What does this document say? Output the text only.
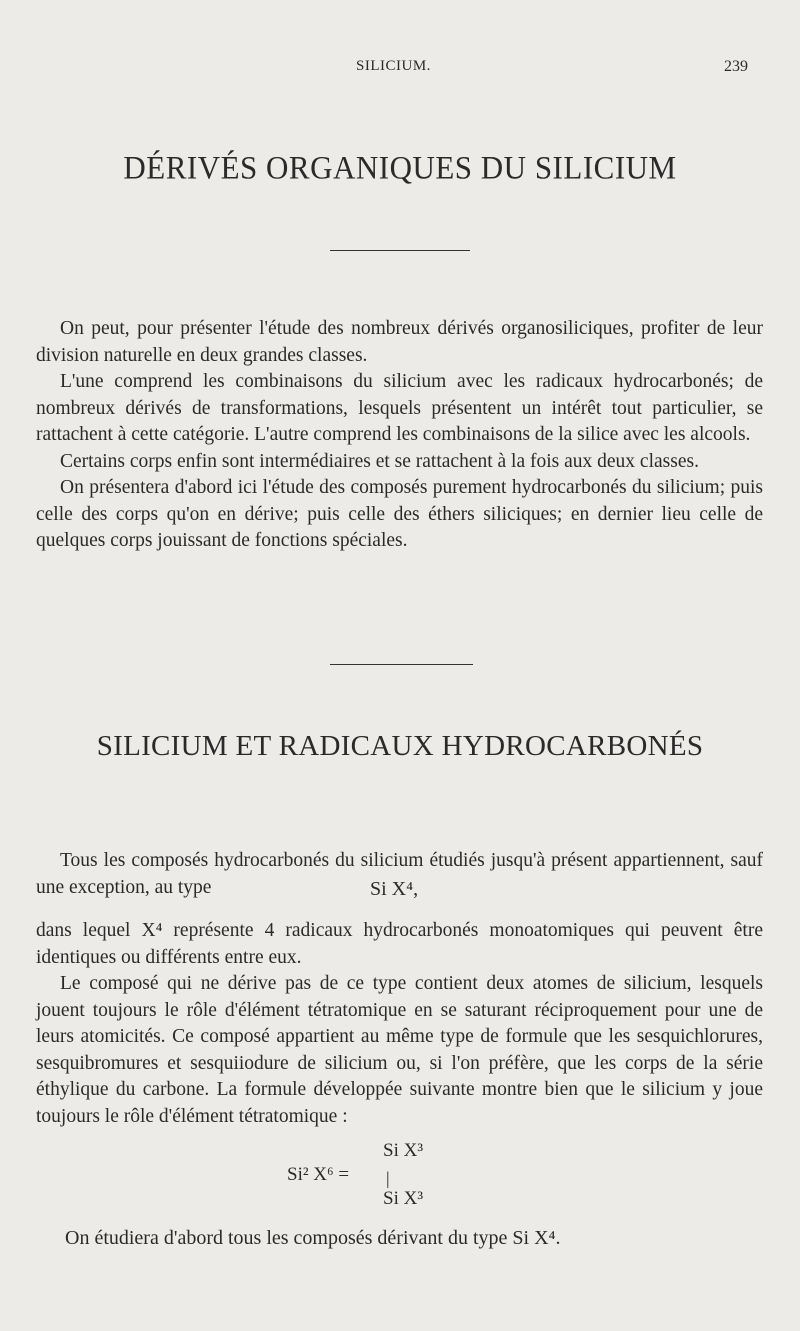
SILICIUM.	239
DÉRIVÉS ORGANIQUES DU SILICIUM
On peut, pour présenter l'étude des nombreux dérivés organosiliciques, profiter de leur division naturelle en deux grandes classes.
L'une comprend les combinaisons du silicium avec les radicaux hydrocarbonés; de nombreux dérivés de transformations, lesquels présentent un intérêt tout particulier, se rattachent à cette catégorie. L'autre comprend les combinaisons de la silice avec les alcools.
Certains corps enfin sont intermédiaires et se rattachent à la fois aux deux classes.
On présentera d'abord ici l'étude des composés purement hydrocarbonés du silicium; puis celle des corps qu'on en dérive; puis celle des éthers siliciques; en dernier lieu celle de quelques corps jouissant de fonctions spéciales.
SILICIUM ET RADICAUX HYDROCARBONÉS
Tous les composés hydrocarbonés du silicium étudiés jusqu'à présent appartiennent, sauf une exception, au type	Si X⁴,
dans lequel X⁴ représente 4 radicaux hydrocarbonés monoatomiques qui peuvent être identiques ou différents entre eux.
Le composé qui ne dérive pas de ce type contient deux atomes de silicium, lesquels jouent toujours le rôle d'élément tétratomique en se saturant réciproquement pour une de leurs atomicités. Ce composé appartient au même type de formule que les sesquichlorures, sesquibromures et sesquiiodure de silicium ou, si l'on préfère, que les corps de la série éthylique du carbone. La formule développée suivante montre bien que le silicium y joue toujours le rôle d'élément tétratomique :
Si X³
Si² X⁶ = |
Si X³
On étudiera d'abord tous les composés dérivant du type Si X⁴.
